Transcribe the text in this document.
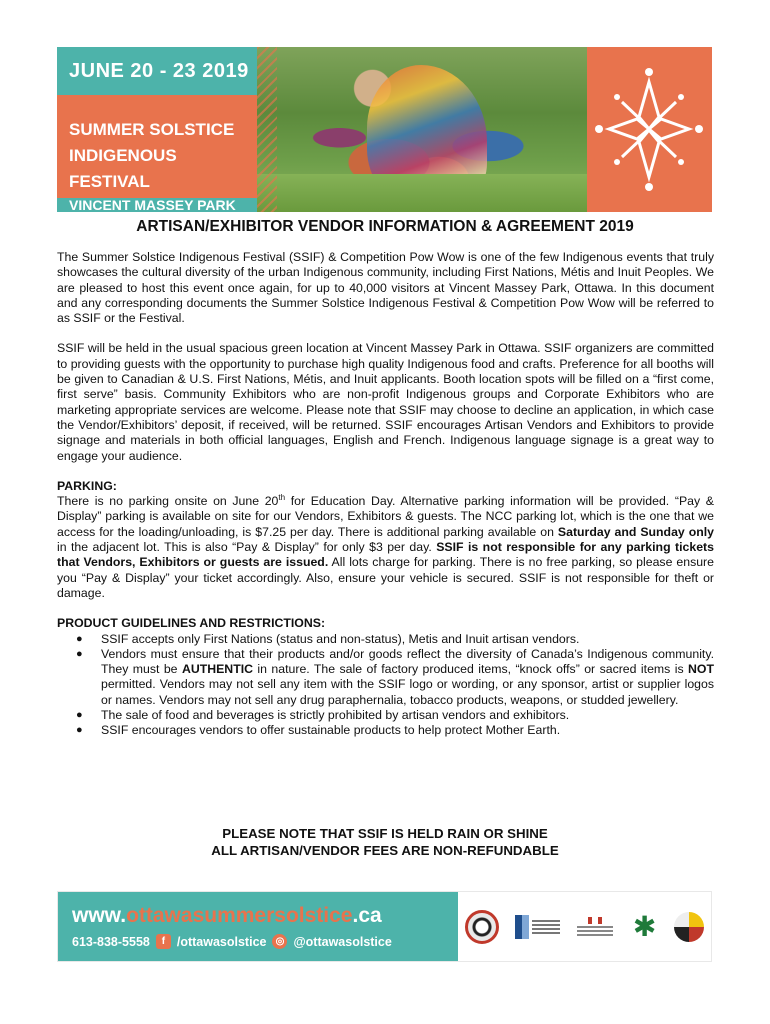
JUNE 20 - 23 2019
SUMMER SOLSTICE
INDIGENOUS FESTIVAL
VINCENT MASSEY PARK
ARTISAN/EXHIBITOR VENDOR INFORMATION & AGREEMENT 2019

The Summer Solstice Indigenous Festival (SSIF) & Competition Pow Wow is one of the few Indigenous events that truly showcases the cultural diversity of the urban Indigenous community, including First Nations, Métis and Inuit Peoples. We are pleased to host this event once again, for up to 40,000 visitors at Vincent Massey Park, Ottawa. In this document and any corresponding documents the Summer Solstice Indigenous Festival & Competition Pow Wow will be referred to as SSIF or the Festival.

SSIF will be held in the usual spacious green location at Vincent Massey Park in Ottawa. SSIF organizers are committed to providing guests with the opportunity to purchase high quality Indigenous food and crafts. Preference for all booths will be given to Canadian & U.S. First Nations, Métis, and Inuit applicants. Booth location spots will be filled on a “first come, first serve” basis. Community Exhibitors who are non-profit Indigenous groups and Corporate Exhibitors who are marketing appropriate services are welcome. Please note that SSIF may choose to decline an application, in which case the Vendor/Exhibitors’ deposit, if received, will be returned. SSIF encourages Artisan Vendors and Exhibitors to provide signage and materials in both official languages, English and French. Indigenous language signage is a great way to engage your audience.

PARKING:

There is no parking onsite on June 20th for Education Day. Alternative parking information will be provided. “Pay & Display” parking is available on site for our Vendors, Exhibitors & guests. The NCC parking lot, which is the one that we access for the loading/unloading, is $7.25 per day. There is additional parking available on Saturday and Sunday only in the adjacent lot. This is also “Pay & Display” for only $3 per day. SSIF is not responsible for any parking tickets that Vendors, Exhibitors or guests are issued. All lots charge for parking. There is no free parking, so please ensure you “Pay & Display” your ticket accordingly. Also, ensure your vehicle is secured. SSIF is not responsible for theft or damage.

PRODUCT GUIDELINES AND RESTRICTIONS:
● SSIF accepts only First Nations (status and non-status), Metis and Inuit artisan vendors.
● Vendors must ensure that their products and/or goods reflect the diversity of Canada’s Indigenous community. They must be AUTHENTIC in nature. The sale of factory produced items, “knock offs” or sacred items is NOT permitted. Vendors may not sell any item with the SSIF logo or wording, or any sponsor, artist or supplier logos or names. Vendors may not sell any drug paraphernalia, tobacco products, weapons, or studded jewellery.
● The sale of food and beverages is strictly prohibited by artisan vendors and exhibitors.
● SSIF encourages vendors to offer sustainable products to help protect Mother Earth.
PLEASE NOTE THAT SSIF IS HELD RAIN OR SHINE
ALL ARTISAN/VENDOR FEES ARE NON-REFUNDABLE
www.ottawasummersolstice.ca
613-838-5558	f /ottawasolstice ◎ @ottawasolstice	✱
